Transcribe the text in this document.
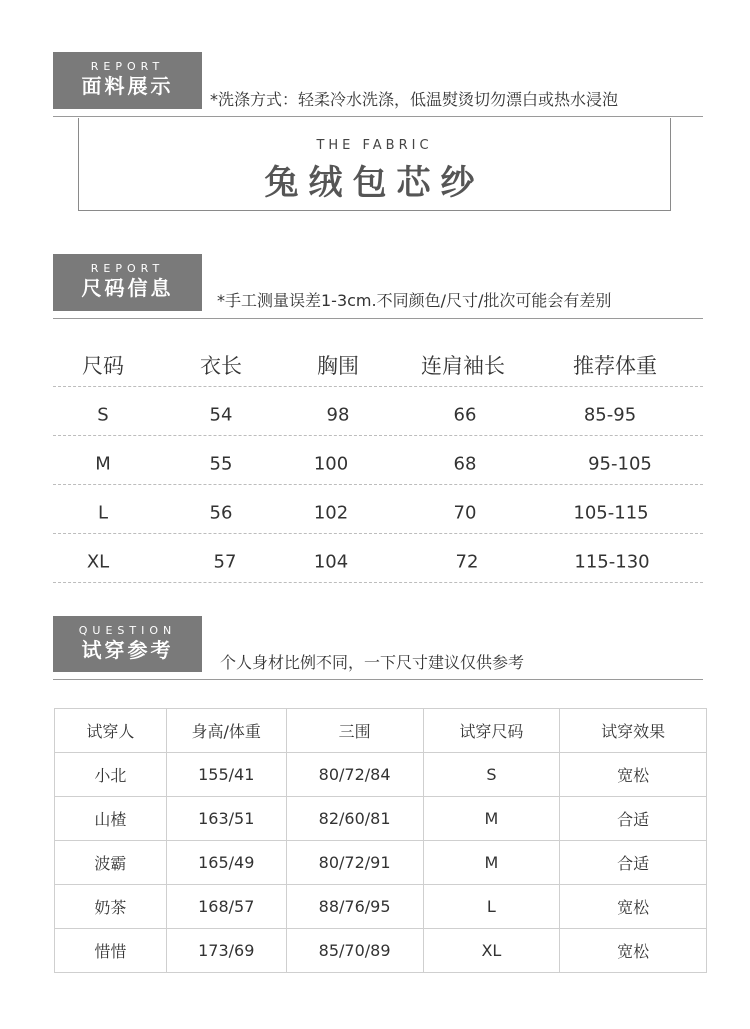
REPORT
面料展示
*洗涤方式：轻柔冷水洗涤，低温熨烫切勿漂白或热水浸泡
THE FABRIC
兔绒包芯纱
REPORT
尺码信息
*手工测量误差1-3cm.不同颜色/尺寸/批次可能会有差别
尺码	衣长	胸围	连肩袖长	推荐体重
S	54	98	66	85-95
M	55	100	68	95-105
L	56	102	70	105-115
XL	57	104	72	115-130
QUESTION
试穿参考
个人身材比例不同，一下尺寸建议仅供参考
试穿人	身高/体重	三围	试穿尺码	试穿效果
小北	155/41	80/72/84	S	宽松
山楂	163/51	82/60/81	M	合适
波霸	165/49	80/72/91	M	合适
奶茶	168/57	88/76/95	L	宽松
惜惜	173/69	85/70/89	XL	宽松
